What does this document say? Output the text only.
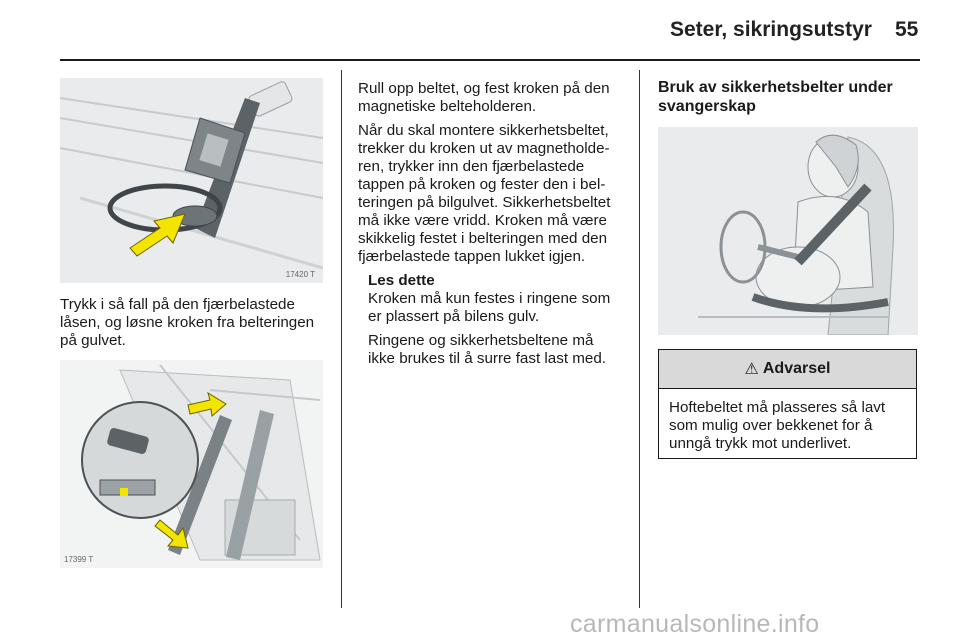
Seter, sikringsutstyr 55
17420 T

Trykk i så fall på den fjærbelastede låsen, og løsne kroken fra belteringen på gulvet.

17399 T

Rull opp beltet, og fest kroken på den magnetiske belteholderen.

Når du skal montere sikkerhetsbeltet, trekker du kroken ut av magnetholde-ren, trykker inn den fjærbelastede tappen på kroken og fester den i bel-teringen på bilgulvet. Sikkerhetsbeltet må ikke være vridd. Kroken må være skikkelig festet i belteringen med den fjærbelastede tappen lukket igjen.

Les dette

Kroken må kun festes i ringene som er plassert på bilens gulv.

Ringene og sikkerhetsbeltene må ikke brukes til å surre fast last med.

Bruk av sikkerhetsbelter under svangerskap
⚠ Advarsel
Hoftebeltet må plasseres så lavt som mulig over bekkenet for å unngå trykk mot underlivet.
carmanualsonline.info
